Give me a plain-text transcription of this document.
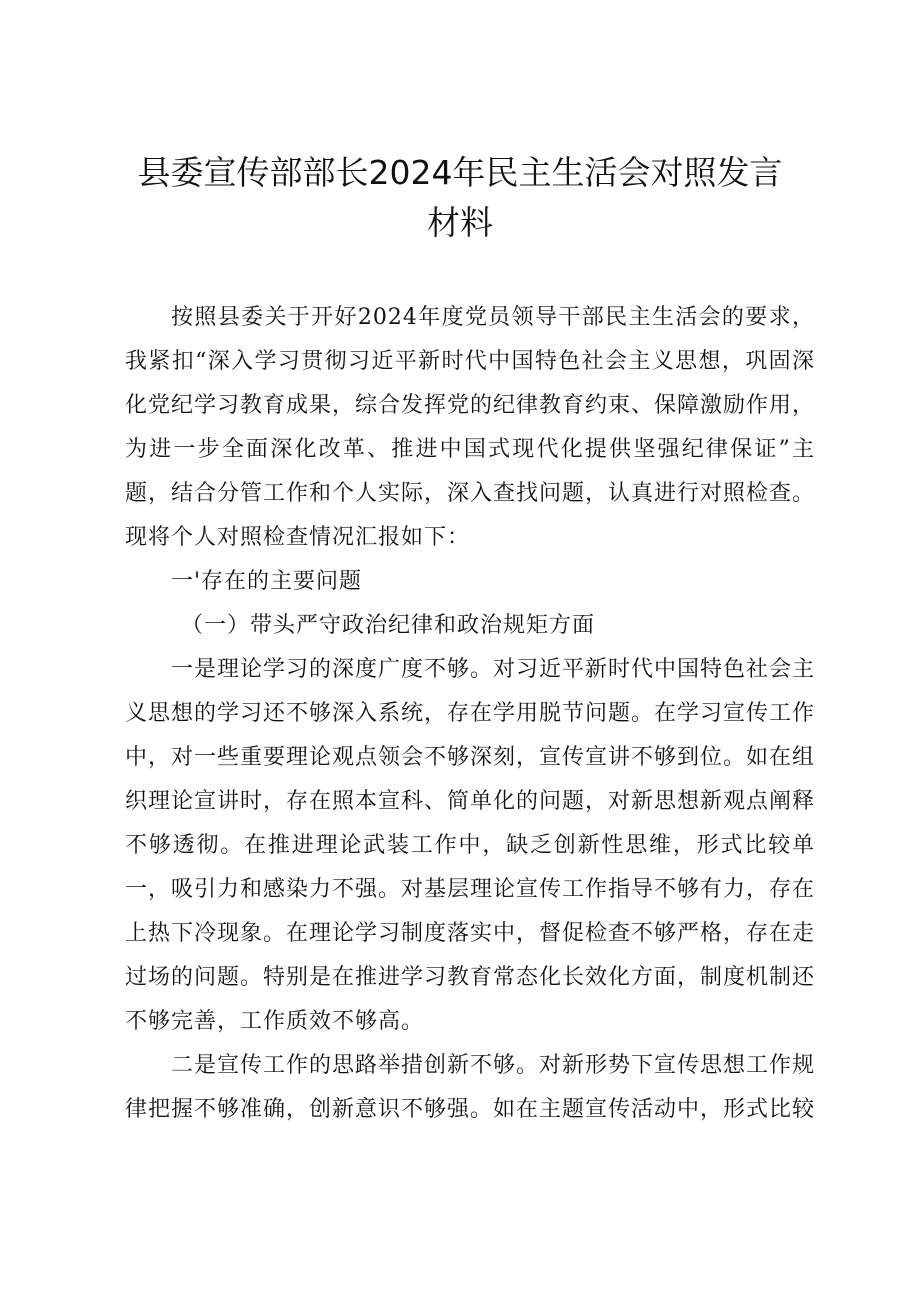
县委宣传部部长2024年民主生活会对照发言
材料

按照县委关于开好2024年度党员领导干部民主生活会的要求，我紧扣“深入学习贯彻习近平新时代中国特色社会主义思想，巩固深化党纪学习教育成果，综合发挥党的纪律教育约束、保障激励作用，为进一步全面深化改革、推进中国式现代化提供坚强纪律保证”主题，结合分管工作和个人实际，深入查找问题，认真进行对照检查。现将个人对照检查情况汇报如下：

一'存在的主要问题

（一）带头严守政治纪律和政治规矩方面

一是理论学习的深度广度不够。对习近平新时代中国特色社会主义思想的学习还不够深入系统，存在学用脱节问题。在学习宣传工作中，对一些重要理论观点领会不够深刻，宣传宣讲不够到位。如在组织理论宣讲时，存在照本宣科、简单化的问题，对新思想新观点阐释不够透彻。在推进理论武装工作中，缺乏创新性思维，形式比较单一，吸引力和感染力不强。对基层理论宣传工作指导不够有力，存在上热下冷现象。在理论学习制度落实中，督促检查不够严格，存在走过场的问题。特别是在推进学习教育常态化长效化方面，制度机制还不够完善，工作质效不够高。

二是宣传工作的思路举措创新不够。对新形势下宣传思想工作规律把握不够准确，创新意识不够强。如在主题宣传活动中，形式比较
